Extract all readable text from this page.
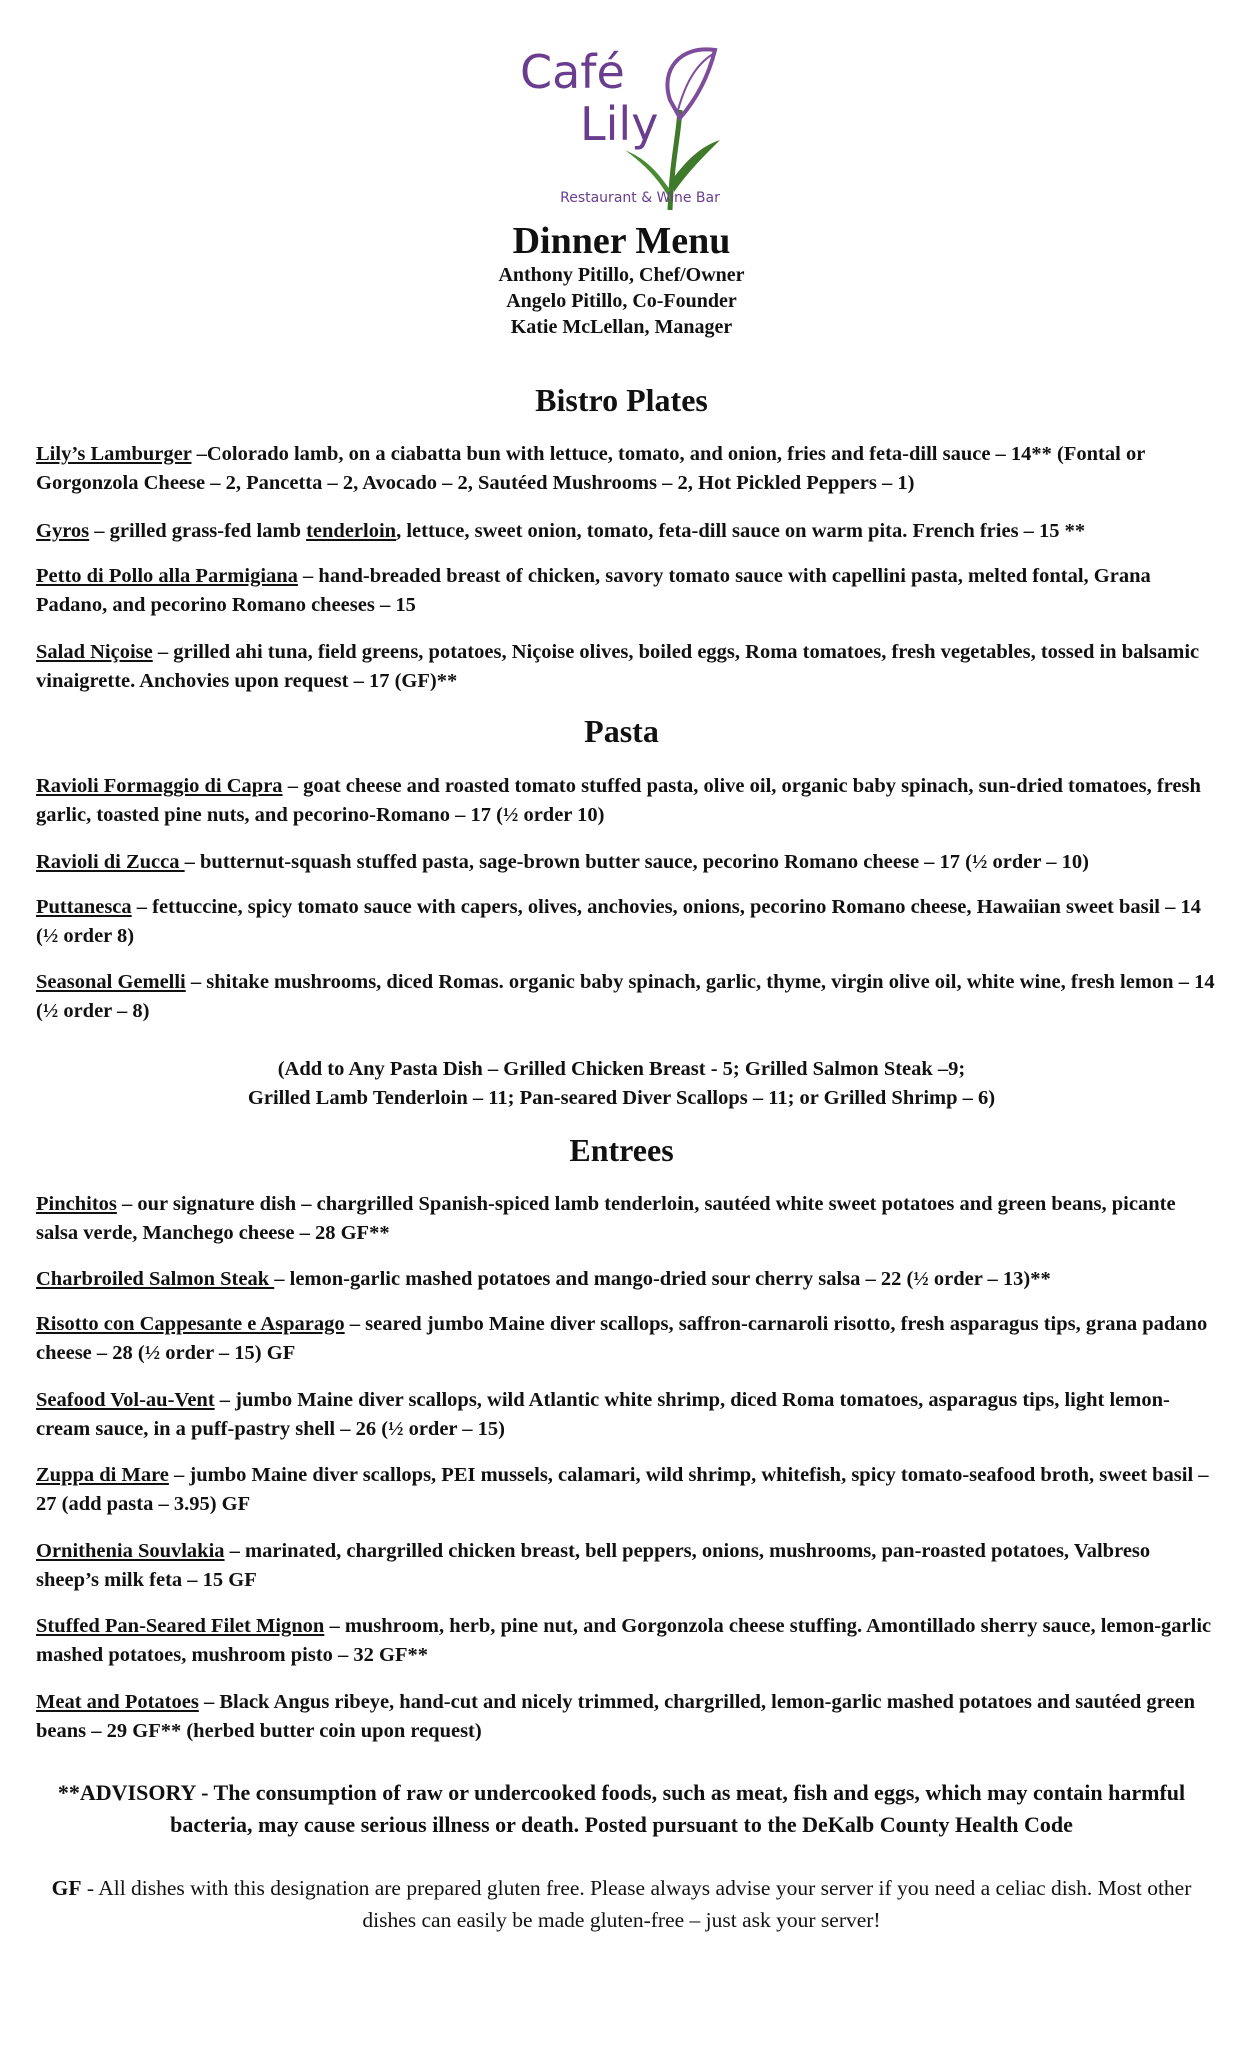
Café
Lily
Restaurant & Wine Bar
Dinner Menu

Anthony Pitillo, Chef/Owner

Angelo Pitillo, Co-Founder

Katie McLellan, Manager

Bistro Plates
Lily’s Lamburger –Colorado lamb, on a ciabatta bun with lettuce, tomato, and onion, fries and feta-dill sauce – 14** (Fontal or Gorgonzola Cheese – 2, Pancetta – 2, Avocado – 2, Sautéed Mushrooms – 2, Hot Pickled Peppers – 1)
Gyros – grilled grass-fed lamb tenderloin, lettuce, sweet onion, tomato, feta-dill sauce on warm pita. French fries – 15 **
Petto di Pollo alla Parmigiana – hand-breaded breast of chicken, savory tomato sauce with capellini pasta, melted fontal, Grana Padano, and pecorino Romano cheeses – 15
Salad Niçoise – grilled ahi tuna, field greens, potatoes, Niçoise olives, boiled eggs, Roma tomatoes, fresh vegetables, tossed in balsamic vinaigrette. Anchovies upon request – 17 (GF)**
Pasta
Ravioli Formaggio di Capra – goat cheese and roasted tomato stuffed pasta, olive oil, organic baby spinach, sun-dried tomatoes, fresh garlic, toasted pine nuts, and pecorino-Romano – 17 (½ order 10)
Ravioli di Zucca – butternut-squash stuffed pasta, sage-brown butter sauce, pecorino Romano cheese – 17 (½ order – 10)
Puttanesca – fettuccine, spicy tomato sauce with capers, olives, anchovies, onions, pecorino Romano cheese, Hawaiian sweet basil – 14 (½ order 8)
Seasonal Gemelli – shitake mushrooms, diced Romas. organic baby spinach, garlic, thyme, virgin olive oil, white wine, fresh lemon – 14 (½ order – 8)
(Add to Any Pasta Dish – Grilled Chicken Breast - 5; Grilled Salmon Steak –9;
Grilled Lamb Tenderloin – 11; Pan-seared Diver Scallops – 11; or Grilled Shrimp – 6)
Entrees
Pinchitos – our signature dish – chargrilled Spanish-spiced lamb tenderloin, sautéed white sweet potatoes and green beans, picante salsa verde, Manchego cheese – 28 GF**
Charbroiled Salmon Steak – lemon-garlic mashed potatoes and mango-dried sour cherry salsa – 22 (½ order – 13)**
Risotto con Cappesante e Asparago – seared jumbo Maine diver scallops, saffron-carnaroli risotto, fresh asparagus tips, grana padano cheese – 28 (½ order – 15) GF
Seafood Vol-au-Vent – jumbo Maine diver scallops, wild Atlantic white shrimp, diced Roma tomatoes, asparagus tips, light lemon-cream sauce, in a puff-pastry shell – 26 (½ order – 15)
Zuppa di Mare – jumbo Maine diver scallops, PEI mussels, calamari, wild shrimp, whitefish, spicy tomato-seafood broth, sweet basil – 27 (add pasta – 3.95) GF
Ornithenia Souvlakia – marinated, chargrilled chicken breast, bell peppers, onions, mushrooms, pan-roasted potatoes, Valbreso sheep’s milk feta – 15 GF
Stuffed Pan-Seared Filet Mignon – mushroom, herb, pine nut, and Gorgonzola cheese stuffing. Amontillado sherry sauce, lemon-garlic mashed potatoes, mushroom pisto – 32 GF**
Meat and Potatoes – Black Angus ribeye, hand-cut and nicely trimmed, chargrilled, lemon-garlic mashed potatoes and sautéed green beans – 29 GF** (herbed butter coin upon request)
**ADVISORY - The consumption of raw or undercooked foods, such as meat, fish and eggs, which may contain harmful bacteria, may cause serious illness or death. Posted pursuant to the DeKalb County Health Code
GF - All dishes with this designation are prepared gluten free. Please always advise your server if you need a celiac dish. Most other dishes can easily be made gluten-free – just ask your server!
